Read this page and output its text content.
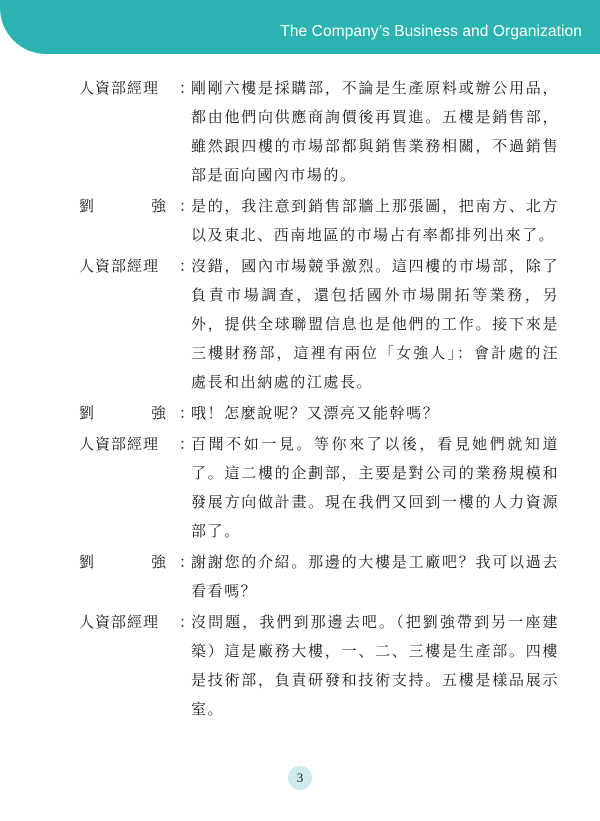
The Company’s Business and Organization
人資部經理 ：
剛剛六樓是採購部，不論是生產原料或辦公用品，都由他們向供應商詢價後再買進。五樓是銷售部，雖然跟四樓的市場部都與銷售業務相關，不過銷售部是面向國內市場的。
劉	強 ：
是的，我注意到銷售部牆上那張圖，把南方、北方以及東北、西南地區的市場占有率都排列出來了。
人資部經理 ：
沒錯，國內市場競爭激烈。這四樓的市場部，除了負責市場調查，還包括國外市場開拓等業務，另外，提供全球聯盟信息也是他們的工作。接下來是三樓財務部，這裡有兩位「女強人」：會計處的汪處長和出納處的江處長。
劉	強 ：
哦！怎麼說呢？又漂亮又能幹嗎？
人資部經理 ：
百聞不如一見。等你來了以後，看見她們就知道了。這二樓的企劃部，主要是對公司的業務規模和發展方向做計畫。現在我們又回到一樓的人力資源部了。
劉	強 ：
謝謝您的介紹。那邊的大樓是工廠吧？我可以過去看看嗎？
人資部經理 ：
沒問題，我們到那邊去吧。（把劉強帶到另一座建築）這是廠務大樓，一、二、三樓是生產部。四樓是技術部，負責研發和技術支持。五樓是樣品展示室。
3
